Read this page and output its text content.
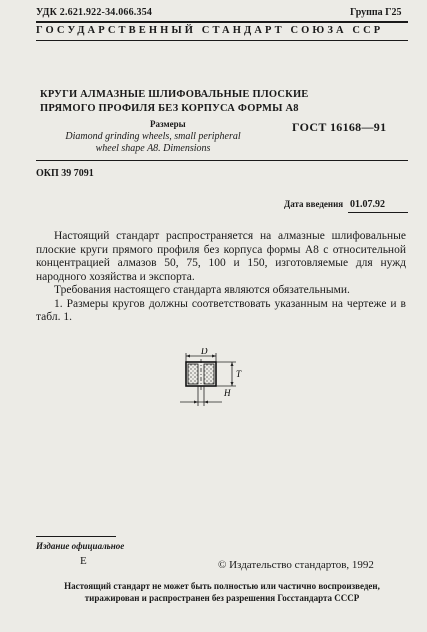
УДК 2.621.922-34.066.354	Группа Г25
ГОСУДАРСТВЕННЫЙ СТАНДАРТ СОЮЗА ССР
КРУГИ АЛМАЗНЫЕ ШЛИФОВАЛЬНЫЕ ПЛОСКИЕ
ПРЯМОГО ПРОФИЛЯ БЕЗ КОРПУСА ФОРМЫ А8
Размеры
Diamond grinding wheels, small peripheral
wheel shape A8. Dimensions
ГОСТ 16168—91
ОКП 39 7091
Дата введения 01.07.92

Настоящий стандарт распространяется на алмазные шлифовальные плоские круги прямого профиля без корпуса формы А8 с относительной концентрацией алмазов 50, 75, 100 и 150, изготовляемые для нужд народного хозяйства и экспорта.

Требования настоящего стандарта являются обязательными.

1. Размеры кругов должны соответствовать указанным на чертеже и в табл. 1.

D
T
H
Издание официальное
Е	© Издательство стандартов, 1992
Настоящий стандарт не может быть полностью или частично воспроизведен,
тиражирован и распространен без разрешения Госстандарта СССР
